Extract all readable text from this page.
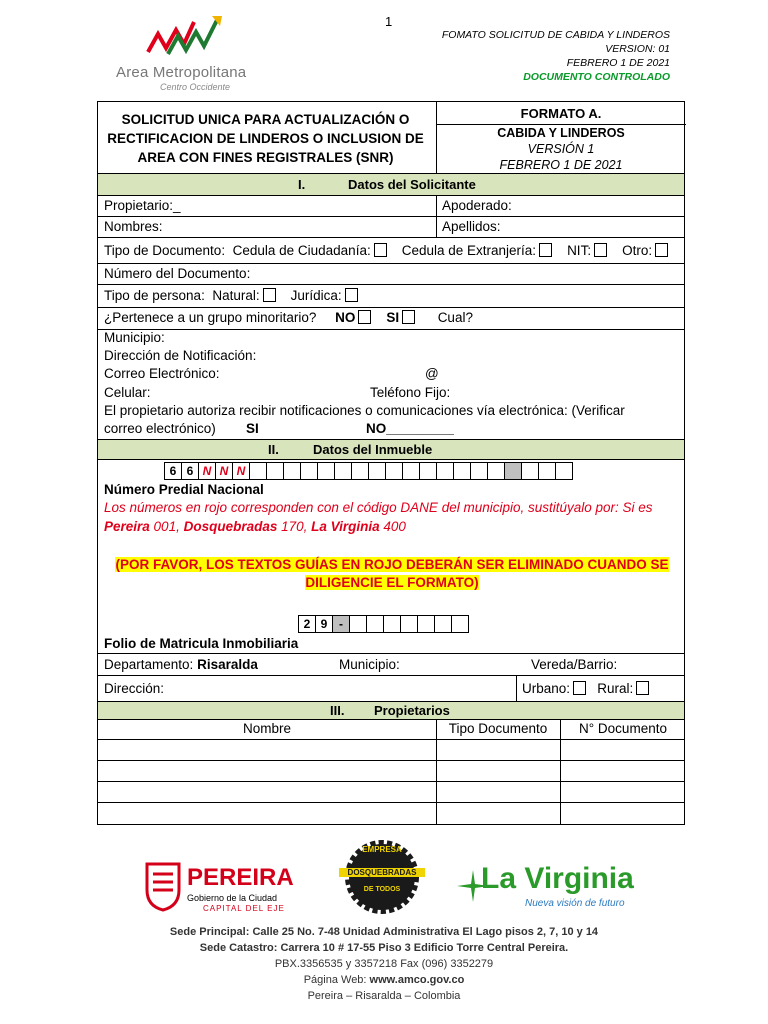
1
Area Metropolitana
Centro Occidente
FOMATO SOLICITUD DE CABIDA Y LINDEROS
VERSION: 01
FEBRERO 1 DE 2021
DOCUMENTO CONTROLADO
SOLICITUD UNICA PARA ACTUALIZACIÓN O RECTIFICACION DE LINDEROS O INCLUSION DE AREA CON FINES REGISTRALES (SNR)
FORMATO A.
CABIDA Y LINDEROS
VERSIÓN 1
FEBRERO 1 DE 2021
I.	Datos del Solicitante
Propietario:_	Apoderado:
Nombres:	Apellidos:
Tipo de Documento: Cedula de Ciudadanía: Cedula de Extranjería: NIT: Otro:
Número del Documento:
Tipo de persona: Natural: Jurídica:
¿Pertenece a un grupo minoritario? NO SI	Cual?
Municipio:
Dirección de Notificación:
Correo Electrónico:	@
Celular:	Teléfono Fijo:
El propietario autoriza recibir notificaciones o comunicaciones vía electrónica: (Verificar
correo electrónico) SI	NO_________
II.	Datos del Inmueble
6 6 N N N
Número Predial Nacional
Los números en rojo corresponden con el código DANE del municipio, sustitúyalo por: Si es
Pereira 001, Dosquebradas 170, La Virginia 400
(POR FAVOR, LOS TEXTOS GUÍAS EN ROJO DEBERÁN SER ELIMINADO CUANDO SE
DILIGENCIE EL FORMATO)
2 9 -
Folio de Matricula Inmobiliaria
Departamento: Risaralda	Municipio:	Vereda/Barrio:
Dirección:	Urbano: Rural:
III. Propietarios
Nombre	Tipo Documento	N° Documento
PEREIRA
Gobierno de la Ciudad
CAPITAL DEL EJE
EMPRESA
DOSQUEBRADAS
DE TODOS	La Virginia
Nueva visión de futuro
Sede Principal: Calle 25 No. 7-48 Unidad Administrativa El Lago pisos 2, 7, 10 y 14
Sede Catastro: Carrera 10 # 17-55 Piso 3 Edificio Torre Central Pereira.
PBX.3356535 y 3357218 Fax (096) 3352279
Página Web: www.amco.gov.co
Pereira – Risaralda – Colombia
